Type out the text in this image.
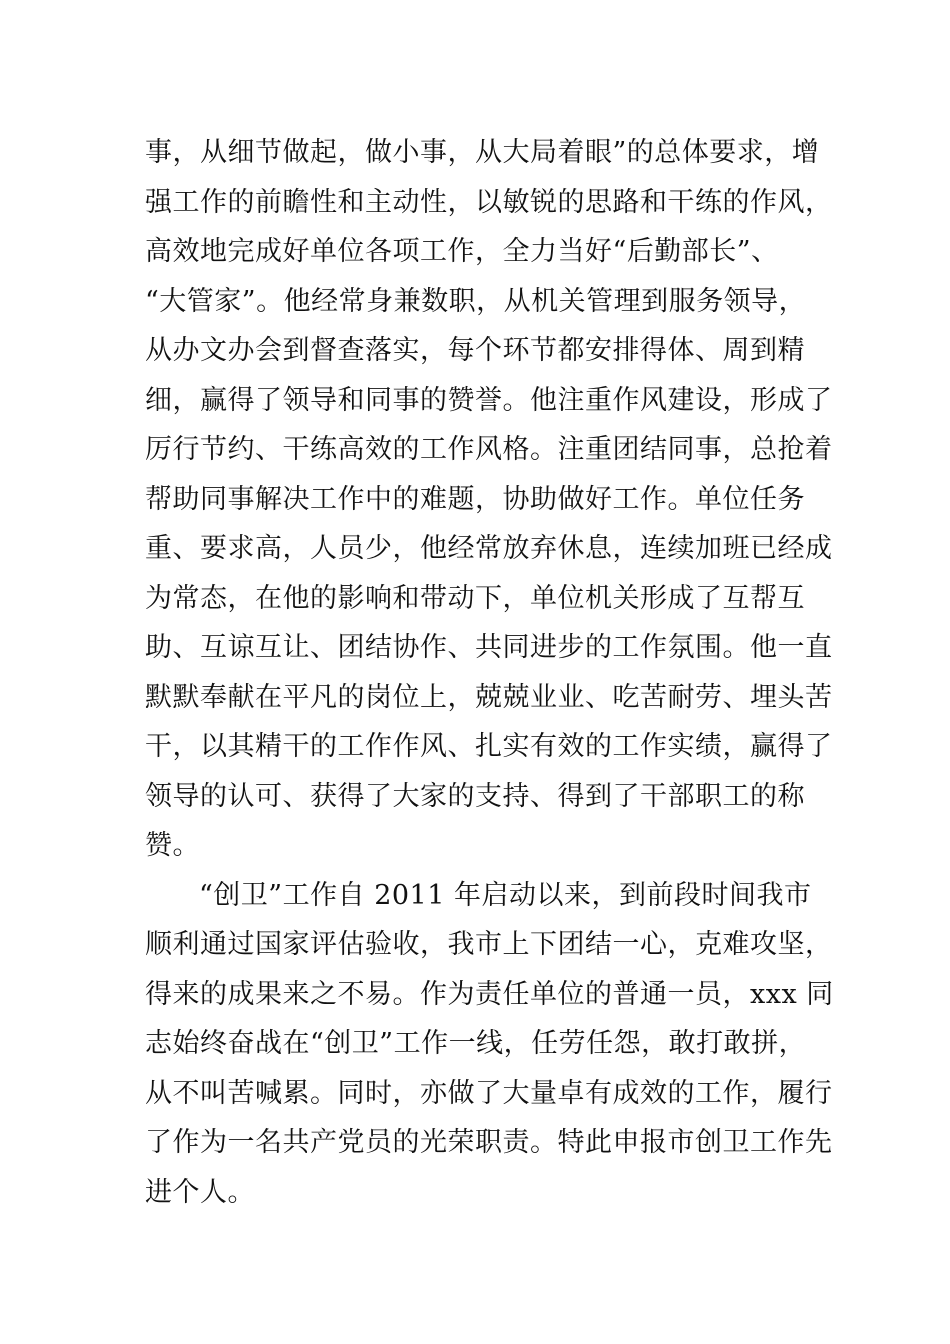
事，从细节做起，做小事，从大局着眼”的总体要求，增
强工作的前瞻性和主动性，以敏锐的思路和干练的作风，
高效地完成好单位各项工作，全力当好“后勤部长”、
“大管家”。他经常身兼数职，从机关管理到服务领导，
从办文办会到督查落实，每个环节都安排得体、周到精
细，赢得了领导和同事的赞誉。他注重作风建设，形成了
厉行节约、干练高效的工作风格。注重团结同事，总抢着
帮助同事解决工作中的难题，协助做好工作。单位任务
重、要求高，人员少，他经常放弃休息，连续加班已经成
为常态，在他的影响和带动下，单位机关形成了互帮互
助、互谅互让、团结协作、共同进步的工作氛围。他一直
默默奉献在平凡的岗位上，兢兢业业、吃苦耐劳、埋头苦
干，以其精干的工作作风、扎实有效的工作实绩，赢得了
领导的认可、获得了大家的支持、得到了干部职工的称
赞。
“创卫”工作自 2011 年启动以来，到前段时间我市
顺利通过国家评估验收，我市上下团结一心，克难攻坚，
得来的成果来之不易。作为责任单位的普通一员，xxx 同
志始终奋战在“创卫”工作一线，任劳任怨，敢打敢拼，
从不叫苦喊累。同时，亦做了大量卓有成效的工作，履行
了作为一名共产党员的光荣职责。特此申报市创卫工作先
进个人。
